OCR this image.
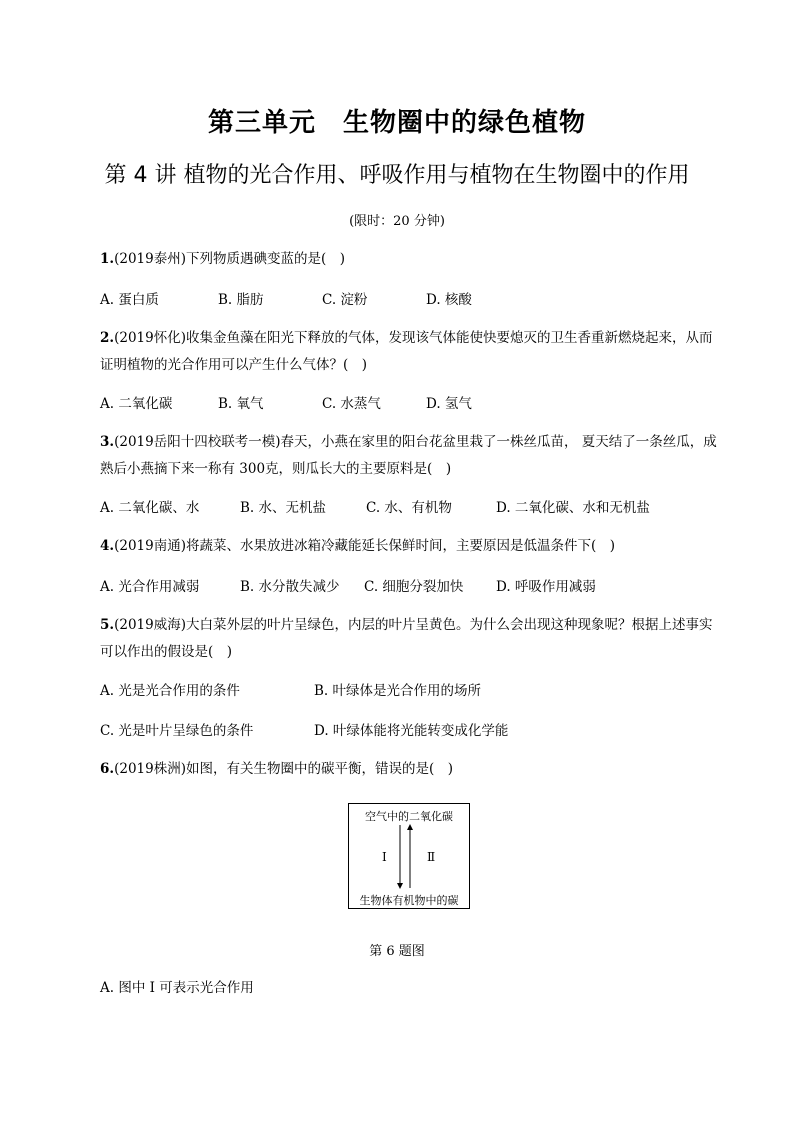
第三单元　生物圈中的绿色植物
第 4 讲 植物的光合作用、呼吸作用与植物在生物圈中的作用
(限时：20 分钟)
1.(2019泰州)下列物质遇碘变蓝的是(　)
A. 蛋白质	B. 脂肪	C. 淀粉	D. 核酸
2.(2019怀化)收集金鱼藻在阳光下释放的气体，发现该气体能使快要熄灭的卫生香重新燃烧起来，从而证明植物的光合作用可以产生什么气体？(　)
A. 二氧化碳	B. 氧气	C. 水蒸气	D. 氢气
3.(2019岳阳十四校联考一模)春天，小燕在家里的阳台花盆里栽了一株丝瓜苗， 夏天结了一条丝瓜，成熟后小燕摘下来一称有 300克，则瓜长大的主要原料是(　)
A. 二氧化碳、水	B. 水、无机盐	C. 水、有机物	D. 二氧化碳、水和无机盐
4.(2019南通)将蔬菜、水果放进冰箱冷藏能延长保鲜时间，主要原因是低温条件下(　)
A. 光合作用减弱	B. 水分散失减少 C. 细胞分裂加快 D. 呼吸作用减弱
5.(2019威海)大白菜外层的叶片呈绿色，内层的叶片呈黄色。为什么会出现这种现象呢？根据上述事实可以作出的假设是(　)
A. 光是光合作用的条件	B. 叶绿体是光合作用的场所
C. 光是叶片呈绿色的条件	D. 叶绿体能将光能转变成化学能
6.(2019株洲)如图，有关生物圈中的碳平衡，错误的是(　)
空气中的二氧化碳
生物体有机物中的碳
Ⅰ	Ⅱ
第 6 题图
A. 图中 I 可表示光合作用
